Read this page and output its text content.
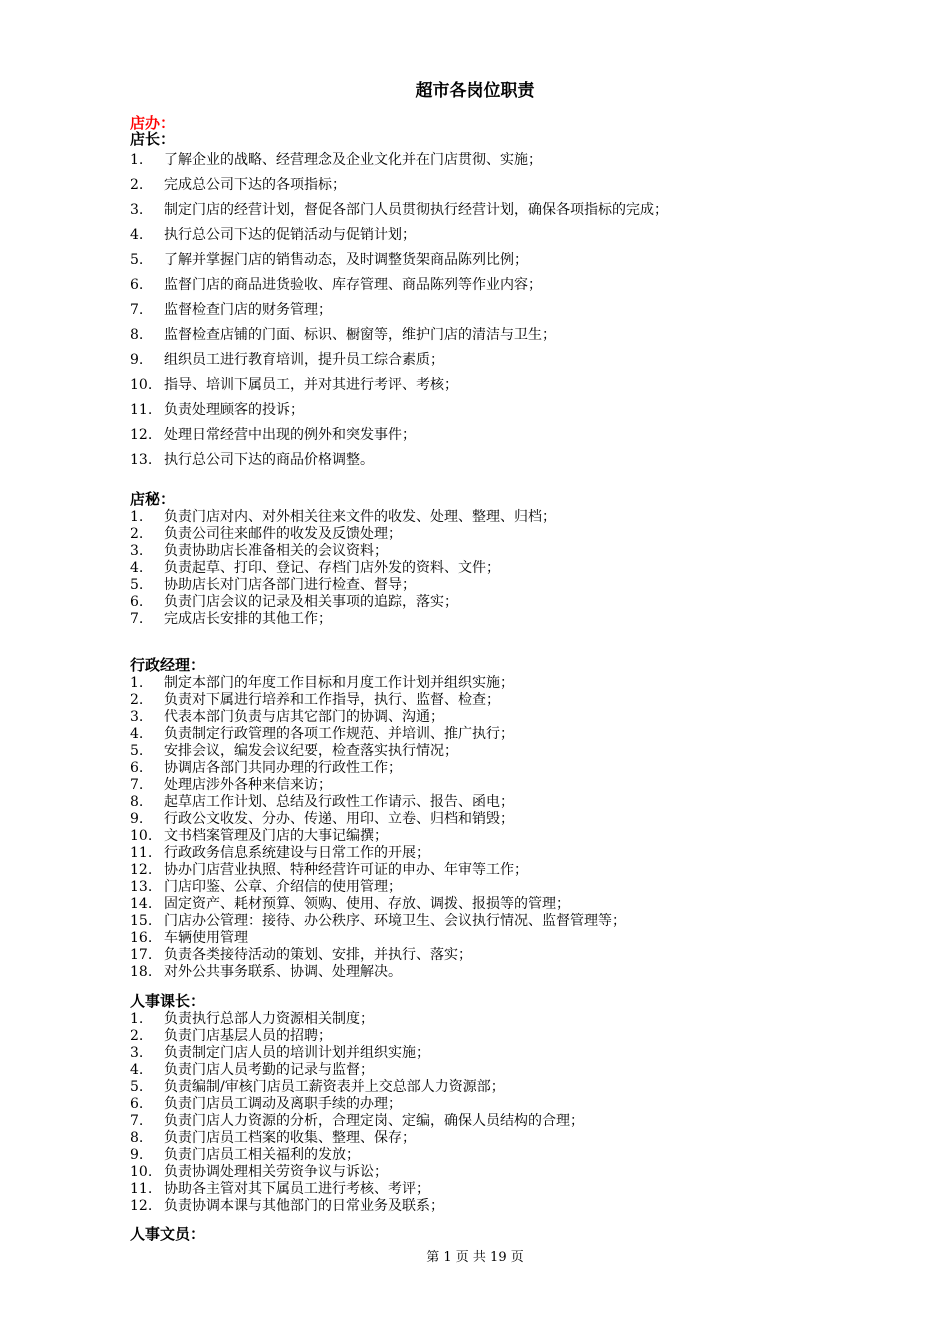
超市各岗位职责
店办：
店长：
1.	了解企业的战略、经营理念及企业文化并在门店贯彻、实施；
2.	完成总公司下达的各项指标；
3.	制定门店的经营计划，督促各部门人员贯彻执行经营计划，确保各项指标的完成；
4.	执行总公司下达的促销活动与促销计划；
5.	了解并掌握门店的销售动态，及时调整货架商品陈列比例；
6.	监督门店的商品进货验收、库存管理、商品陈列等作业内容；
7.	监督检查门店的财务管理；
8.	监督检查店铺的门面、标识、橱窗等，维护门店的清洁与卫生；
9.	组织员工进行教育培训，提升员工综合素质；
10. 指导、培训下属员工，并对其进行考评、考核；
11. 负责处理顾客的投诉；
12. 处理日常经营中出现的例外和突发事件；
13. 执行总公司下达的商品价格调整。
店秘：
1.	负责门店对内、对外相关往来文件的收发、处理、整理、归档；
2.	负责公司往来邮件的收发及反馈处理；
3.	负责协助店长准备相关的会议资料；
4.	负责起草、打印、登记、存档门店外发的资料、文件；
5.	协助店长对门店各部门进行检查、督导；
6.	负责门店会议的记录及相关事项的追踪，落实；
7.	完成店长安排的其他工作；
行政经理：
1.	制定本部门的年度工作目标和月度工作计划并组织实施；
2.	负责对下属进行培养和工作指导，执行、监督、检查；
3.	代表本部门负责与店其它部门的协调、沟通；
4.	负责制定行政管理的各项工作规范、并培训、推广执行；
5.	安排会议，编发会议纪要，检查落实执行情况；
6.	协调店各部门共同办理的行政性工作；
7.	处理店涉外各种来信来访；
8.	起草店工作计划、总结及行政性工作请示、报告、函电；
9.	行政公文收发、分办、传递、用印、立卷、归档和销毁；
10. 文书档案管理及门店的大事记编撰；
11. 行政政务信息系统建设与日常工作的开展；
12. 协办门店营业执照、特种经营许可证的申办、年审等工作；
13. 门店印鉴、公章、介绍信的使用管理；
14. 固定资产、耗材预算、领购、使用、存放、调拨、报损等的管理；
15. 门店办公管理：接待、办公秩序、环境卫生、会议执行情况、监督管理等；
16. 车辆使用管理
17. 负责各类接待活动的策划、安排，并执行、落实；
18. 对外公共事务联系、协调、处理解决。
人事课长：
1.	负责执行总部人力资源相关制度；
2.	负责门店基层人员的招聘；
3.	负责制定门店人员的培训计划并组织实施；
4.	负责门店人员考勤的记录与监督；
5.	负责编制/审核门店员工薪资表并上交总部人力资源部；
6.	负责门店员工调动及离职手续的办理；
7.	负责门店人力资源的分析，合理定岗、定编，确保人员结构的合理；
8.	负责门店员工档案的收集、整理、保存；
9.	负责门店员工相关福利的发放；
10. 负责协调处理相关劳资争议与诉讼；
11. 协助各主管对其下属员工进行考核、考评；
12. 负责协调本课与其他部门的日常业务及联系；
人事文员：
第 1 页 共 19 页
